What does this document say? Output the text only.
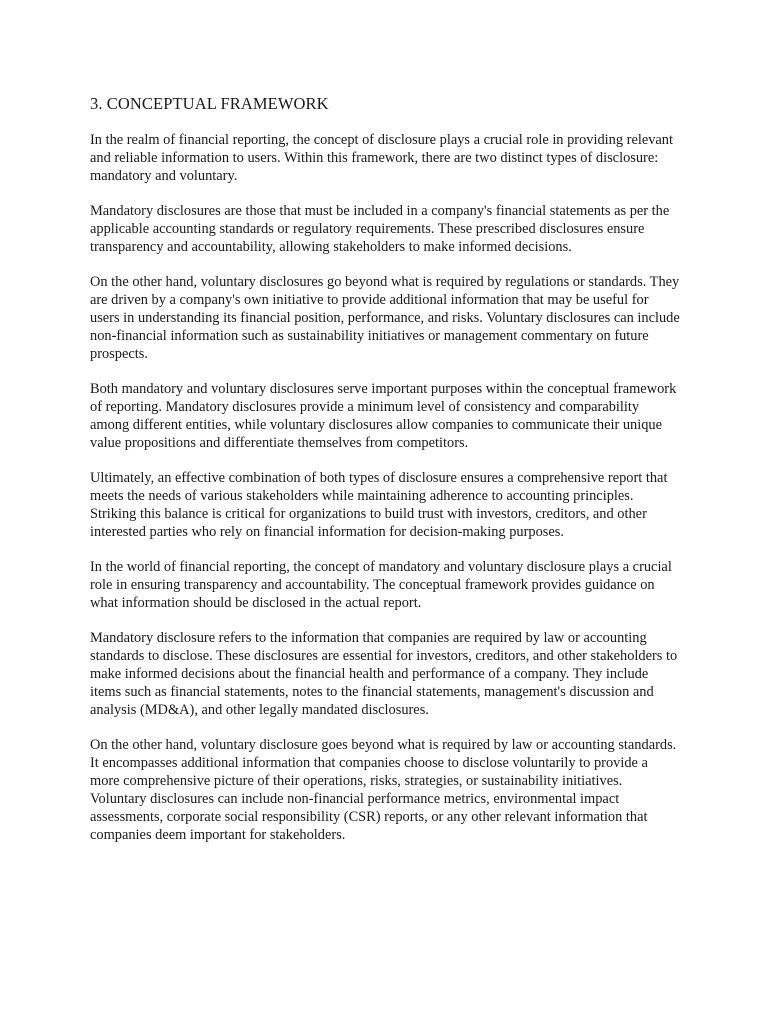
3. CONCEPTUAL FRAMEWORK

In the realm of financial reporting, the concept of disclosure plays a crucial role in providing relevant and reliable information to users. Within this framework, there are two distinct types of disclosure: mandatory and voluntary.

Mandatory disclosures are those that must be included in a company's financial statements as per the applicable accounting standards or regulatory requirements. These prescribed disclosures ensure transparency and accountability, allowing stakeholders to make informed decisions.

On the other hand, voluntary disclosures go beyond what is required by regulations or standards. They are driven by a company's own initiative to provide additional information that may be useful for users in understanding its financial position, performance, and risks. Voluntary disclosures can include non-financial information such as sustainability initiatives or management commentary on future prospects.

Both mandatory and voluntary disclosures serve important purposes within the conceptual framework of reporting. Mandatory disclosures provide a minimum level of consistency and comparability among different entities, while voluntary disclosures allow companies to communicate their unique value propositions and differentiate themselves from competitors.

Ultimately, an effective combination of both types of disclosure ensures a comprehensive report that meets the needs of various stakeholders while maintaining adherence to accounting principles. Striking this balance is critical for organizations to build trust with investors, creditors, and other interested parties who rely on financial information for decision-making purposes.

In the world of financial reporting, the concept of mandatory and voluntary disclosure plays a crucial role in ensuring transparency and accountability. The conceptual framework provides guidance on what information should be disclosed in the actual report.

Mandatory disclosure refers to the information that companies are required by law or accounting standards to disclose. These disclosures are essential for investors, creditors, and other stakeholders to make informed decisions about the financial health and performance of a company. They include items such as financial statements, notes to the financial statements, management's discussion and analysis (MD&A), and other legally mandated disclosures.

On the other hand, voluntary disclosure goes beyond what is required by law or accounting standards. It encompasses additional information that companies choose to disclose voluntarily to provide a more comprehensive picture of their operations, risks, strategies, or sustainability initiatives. Voluntary disclosures can include non-financial performance metrics, environmental impact assessments, corporate social responsibility (CSR) reports, or any other relevant information that companies deem important for stakeholders.
